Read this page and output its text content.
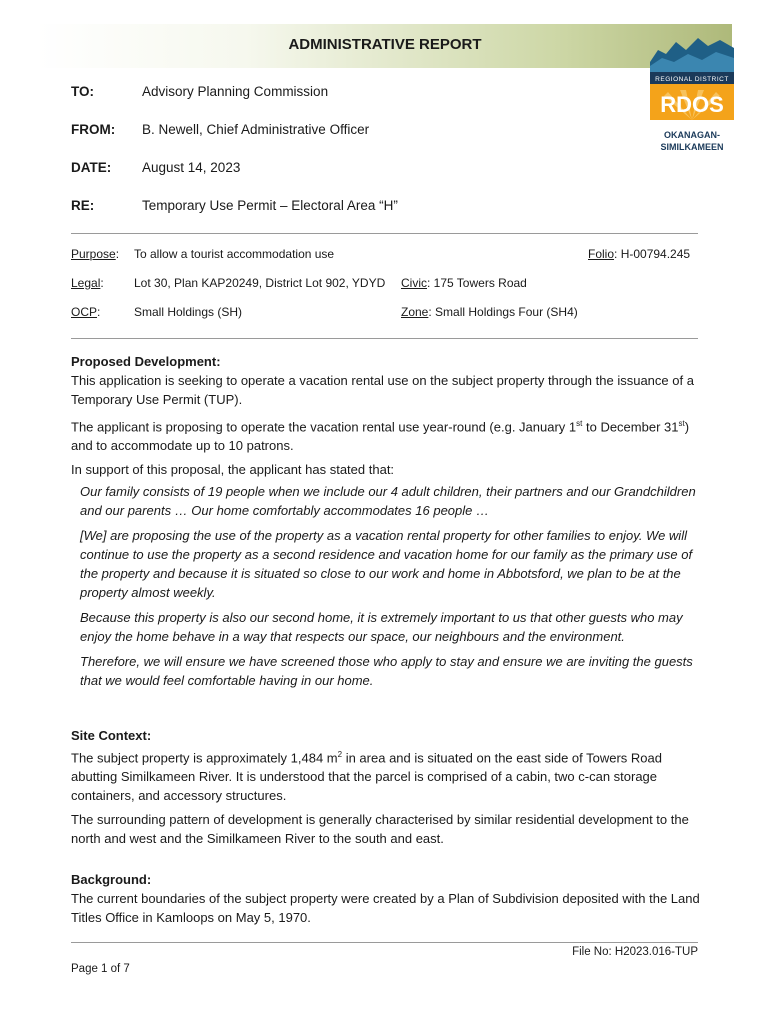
ADMINISTRATIVE REPORT
REGIONAL DISTRICT
RDOS
OKANAGAN-
SIMILKAMEEN
TO:	Advisory Planning Commission
FROM: B. Newell, Chief Administrative Officer
DATE: August 14, 2023
RE:	Temporary Use Permit – Electoral Area “H”
Purpose: To allow a tourist accommodation use	Folio: H-00794.245
Legal:	Lot 30, Plan KAP20249, District Lot 902, YDYD Civic: 175 Towers Road
OCP:	Small Holdings (SH)	Zone: Small Holdings Four (SH4)

Proposed Development:

This application is seeking to operate a vacation rental use on the subject property through the issuance of a Temporary Use Permit (TUP).

The applicant is proposing to operate the vacation rental use year-round (e.g. January 1st to December 31st) and to accommodate up to 10 patrons.

In support of this proposal, the applicant has stated that:

Our family consists of 19 people when we include our 4 adult children, their partners and our Grandchildren and our parents … Our home comfortably accommodates 16 people …

[We] are proposing the use of the property as a vacation rental property for other families to enjoy. We will continue to use the property as a second residence and vacation home for our family as the primary use of the property and because it is situated so close to our work and home in Abbotsford, we plan to be at the property almost weekly.

Because this property is also our second home, it is extremely important to us that other guests who may enjoy the home behave in a way that respects our space, our neighbours and the environment.

Therefore, we will ensure we have screened those who apply to stay and ensure we are inviting the guests that we would feel comfortable having in our home.

Site Context:

The subject property is approximately 1,484 $m^2$ in area and is situated on the east side of Towers Road abutting Similkameen River. It is understood that the parcel is comprised of a cabin, two c-can storage containers, and accessory structures.

The surrounding pattern of development is generally characterised by similar residential development to the north and west and the Similkameen River to the south and east.

Background:

The current boundaries of the subject property were created by a Plan of Subdivision deposited with the Land Titles Office in Kamloops on May 5, 1970.

File No: H2023.016-TUP
Page 1 of 7
